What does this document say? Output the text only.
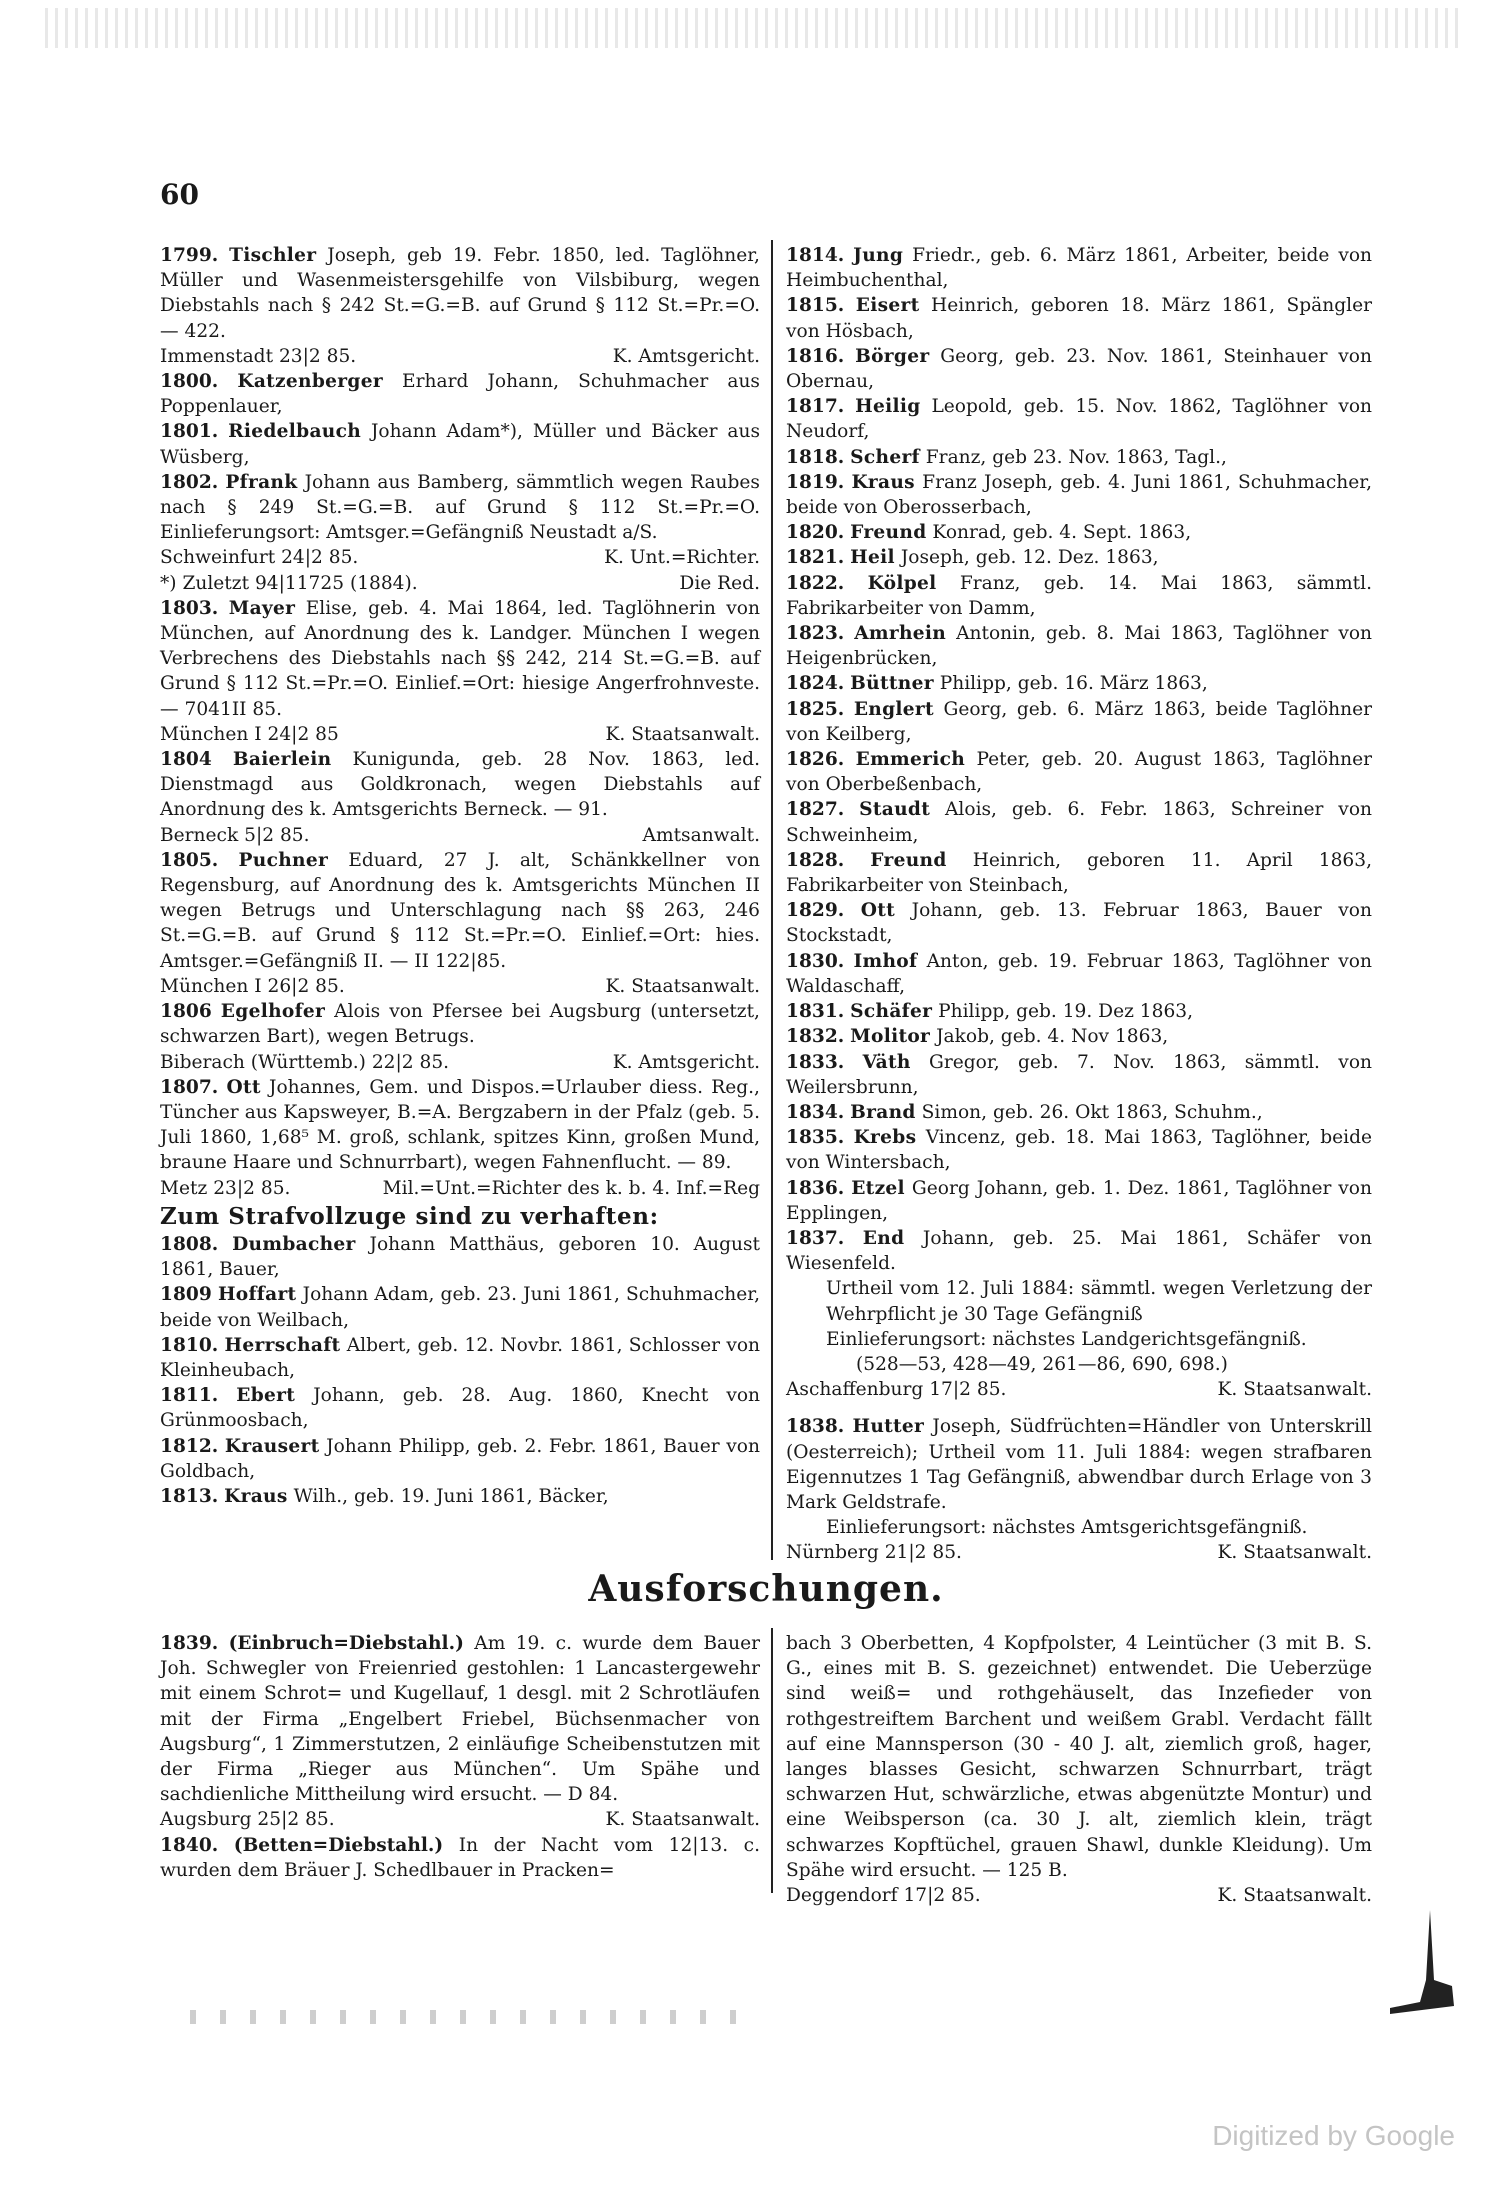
60

1799. Tischler Joseph, geb 19. Febr. 1850, led. Taglöhner, Müller und Wasenmeistersgehilfe von Vilsbiburg, wegen Diebstahls nach § 242 St.=G.=B. auf Grund § 112 St.=Pr.=O. — 422.

Immenstadt 23|2 85.	K. Amtsgericht.

1800. Katzenberger Erhard Johann, Schuhmacher aus Poppenlauer,

1801. Riedelbauch Johann Adam*), Müller und Bäcker aus Wüsberg,

1802. Pfrank Johann aus Bamberg, sämmtlich wegen Raubes nach § 249 St.=G.=B. auf Grund § 112 St.=Pr.=O. Einlieferungsort: Amtsger.=Gefängniß Neustadt a/S.

Schweinfurt 24|2 85.	K. Unt.=Richter.

*) Zuletzt 94|11725 (1884).	Die Red.

1803. Mayer Elise, geb. 4. Mai 1864, led. Taglöhnerin von München, auf Anordnung des k. Landger. München I wegen Verbrechens des Diebstahls nach §§ 242, 214 St.=G.=B. auf Grund § 112 St.=Pr.=O. Einlief.=Ort: hiesige Angerfrohnveste. — 7041II 85.

München I 24|2 85	K. Staatsanwalt.

1804 Baierlein Kunigunda, geb. 28 Nov. 1863, led. Dienstmagd aus Goldkronach, wegen Diebstahls auf Anordnung des k. Amtsgerichts Berneck. — 91.

Berneck 5|2 85.	Amtsanwalt.

1805. Puchner Eduard, 27 J. alt, Schänkkellner von Regensburg, auf Anordnung des k. Amtsgerichts München II wegen Betrugs und Unterschlagung nach §§ 263, 246 St.=G.=B. auf Grund § 112 St.=Pr.=O. Einlief.=Ort: hies. Amtsger.=Gefängniß II. — II 122|85.

München I 26|2 85.	K. Staatsanwalt.

1806 Egelhofer Alois von Pfersee bei Augsburg (untersetzt, schwarzen Bart), wegen Betrugs.

Biberach (Württemb.) 22|2 85.	K. Amtsgericht.

1807. Ott Johannes, Gem. und Dispos.=Urlauber diess. Reg., Tüncher aus Kapsweyer, B.=A. Bergzabern in der Pfalz (geb. 5. Juli 1860, 1,68⁵ M. groß, schlank, spitzes Kinn, großen Mund, braune Haare und Schnurrbart), wegen Fahnenflucht. — 89.

Metz 23|2 85.	Mil.=Unt.=Richter des k. b. 4. Inf.=Reg

Zum Strafvollzuge sind zu verhaften:

1808. Dumbacher Johann Matthäus, geboren 10. August 1861, Bauer,

1809 Hoffart Johann Adam, geb. 23. Juni 1861, Schuhmacher, beide von Weilbach,

1810. Herrschaft Albert, geb. 12. Novbr. 1861, Schlosser von Kleinheubach,

1811. Ebert Johann, geb. 28. Aug. 1860, Knecht von Grünmoosbach,

1812. Krausert Johann Philipp, geb. 2. Febr. 1861, Bauer von Goldbach,

1813. Kraus Wilh., geb. 19. Juni 1861, Bäcker,

1814. Jung Friedr., geb. 6. März 1861, Arbeiter, beide von Heimbuchenthal,

1815. Eisert Heinrich, geboren 18. März 1861, Spängler von Hösbach,

1816. Börger Georg, geb. 23. Nov. 1861, Steinhauer von Obernau,

1817. Heilig Leopold, geb. 15. Nov. 1862, Taglöhner von Neudorf,

1818. Scherf Franz, geb 23. Nov. 1863, Tagl.,

1819. Kraus Franz Joseph, geb. 4. Juni 1861, Schuhmacher, beide von Oberosserbach,

1820. Freund Konrad, geb. 4. Sept. 1863,

1821. Heil Joseph, geb. 12. Dez. 1863,

1822. Kölpel Franz, geb. 14. Mai 1863, sämmtl. Fabrikarbeiter von Damm,

1823. Amrhein Antonin, geb. 8. Mai 1863, Taglöhner von Heigenbrücken,

1824. Büttner Philipp, geb. 16. März 1863,

1825. Englert Georg, geb. 6. März 1863, beide Taglöhner von Keilberg,

1826. Emmerich Peter, geb. 20. August 1863, Taglöhner von Oberbeßenbach,

1827. Staudt Alois, geb. 6. Febr. 1863, Schreiner von Schweinheim,

1828. Freund Heinrich, geboren 11. April 1863, Fabrikarbeiter von Steinbach,

1829. Ott Johann, geb. 13. Februar 1863, Bauer von Stockstadt,

1830. Imhof Anton, geb. 19. Februar 1863, Taglöhner von Waldaschaff,

1831. Schäfer Philipp, geb. 19. Dez 1863,

1832. Molitor Jakob, geb. 4. Nov 1863,

1833. Väth Gregor, geb. 7. Nov. 1863, sämmtl. von Weilersbrunn,

1834. Brand Simon, geb. 26. Okt 1863, Schuhm.,

1835. Krebs Vincenz, geb. 18. Mai 1863, Taglöhner, beide von Wintersbach,

1836. Etzel Georg Johann, geb. 1. Dez. 1861, Taglöhner von Epplingen,

1837. End Johann, geb. 25. Mai 1861, Schäfer von Wiesenfeld.

Urtheil vom 12. Juli 1884: sämmtl. wegen Verletzung der Wehrpflicht je 30 Tage Gefängniß

Einlieferungsort: nächstes Landgerichtsgefängniß.

(528—53, 428—49, 261—86, 690, 698.)

Aschaffenburg 17|2 85.	K. Staatsanwalt.

1838. Hutter Joseph, Südfrüchten=Händler von Unterskrill (Oesterreich); Urtheil vom 11. Juli 1884: wegen strafbaren Eigennutzes 1 Tag Gefängniß, abwendbar durch Erlage von 3 Mark Geldstrafe.

Einlieferungsort: nächstes Amtsgerichtsgefängniß.

Nürnberg 21|2 85.	K. Staatsanwalt.

Ausforschungen.

1839. (Einbruch=Diebstahl.) Am 19. c. wurde dem Bauer Joh. Schwegler von Freienried gestohlen: 1 Lancastergewehr mit einem Schrot= und Kugellauf, 1 desgl. mit 2 Schrotläufen mit der Firma „Engelbert Friebel, Büchsenmacher von Augsburg“, 1 Zimmerstutzen, 2 einläufige Scheibenstutzen mit der Firma „Rieger aus München“. Um Spähe und sachdienliche Mittheilung wird ersucht. — D 84.

Augsburg 25|2 85.	K. Staatsanwalt.

1840. (Betten=Diebstahl.) In der Nacht vom 12|13. c. wurden dem Bräuer J. Schedlbauer in Pracken=

bach 3 Oberbetten, 4 Kopfpolster, 4 Leintücher (3 mit B. S. G., eines mit B. S. gezeichnet) entwendet. Die Ueberzüge sind weiß= und rothgehäuselt, das Inzefieder von rothgestreiftem Barchent und weißem Grabl. Verdacht fällt auf eine Mannsperson (30 - 40 J. alt, ziemlich groß, hager, langes blasses Gesicht, schwarzen Schnurrbart, trägt schwarzen Hut, schwärzliche, etwas abgenützte Montur) und eine Weibsperson (ca. 30 J. alt, ziemlich klein, trägt schwarzes Kopftüchel, grauen Shawl, dunkle Kleidung). Um Spähe wird ersucht. — 125 B.

Deggendorf 17|2 85.	K. Staatsanwalt.

Digitized by Google
